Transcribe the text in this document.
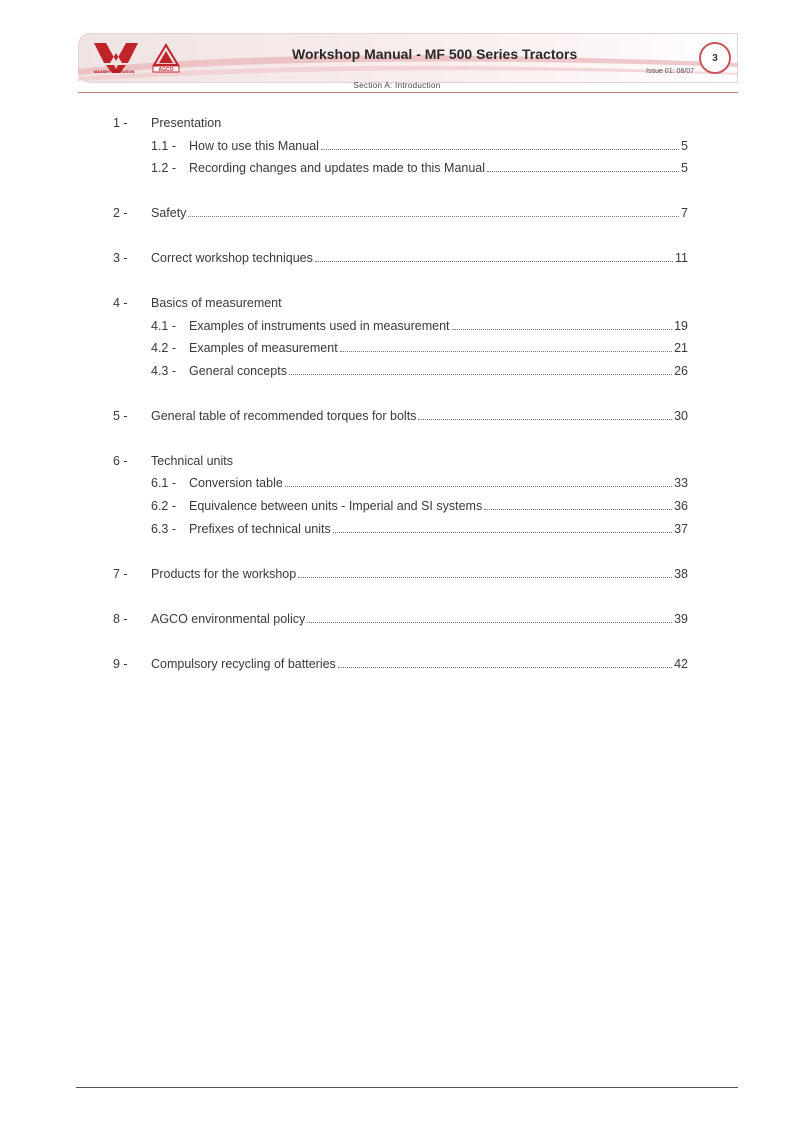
MASSEY FERGUSON	AGCO
Workshop Manual - MF 500 Series Tractors
Issue 01: 08/07
3
Section A: Introduction
1 - Presentation
1.1 - How to use this Manual	5
1.2 - Recording changes and updates made to this Manual	5
2 - Safety	7
3 - Correct workshop techniques	11
4 - Basics of measurement
4.1 - Examples of instruments used in measurement	19
4.2 - Examples of measurement	21
4.3 - General concepts	26
5 - General table of recommended torques for bolts	30
6 - Technical units
6.1 - Conversion table	33
6.2 - Equivalence between units - Imperial and SI systems	36
6.3 - Prefixes of technical units	37
7 - Products for the workshop	38
8 - AGCO environmental policy	39
9 - Compulsory recycling of batteries	42
